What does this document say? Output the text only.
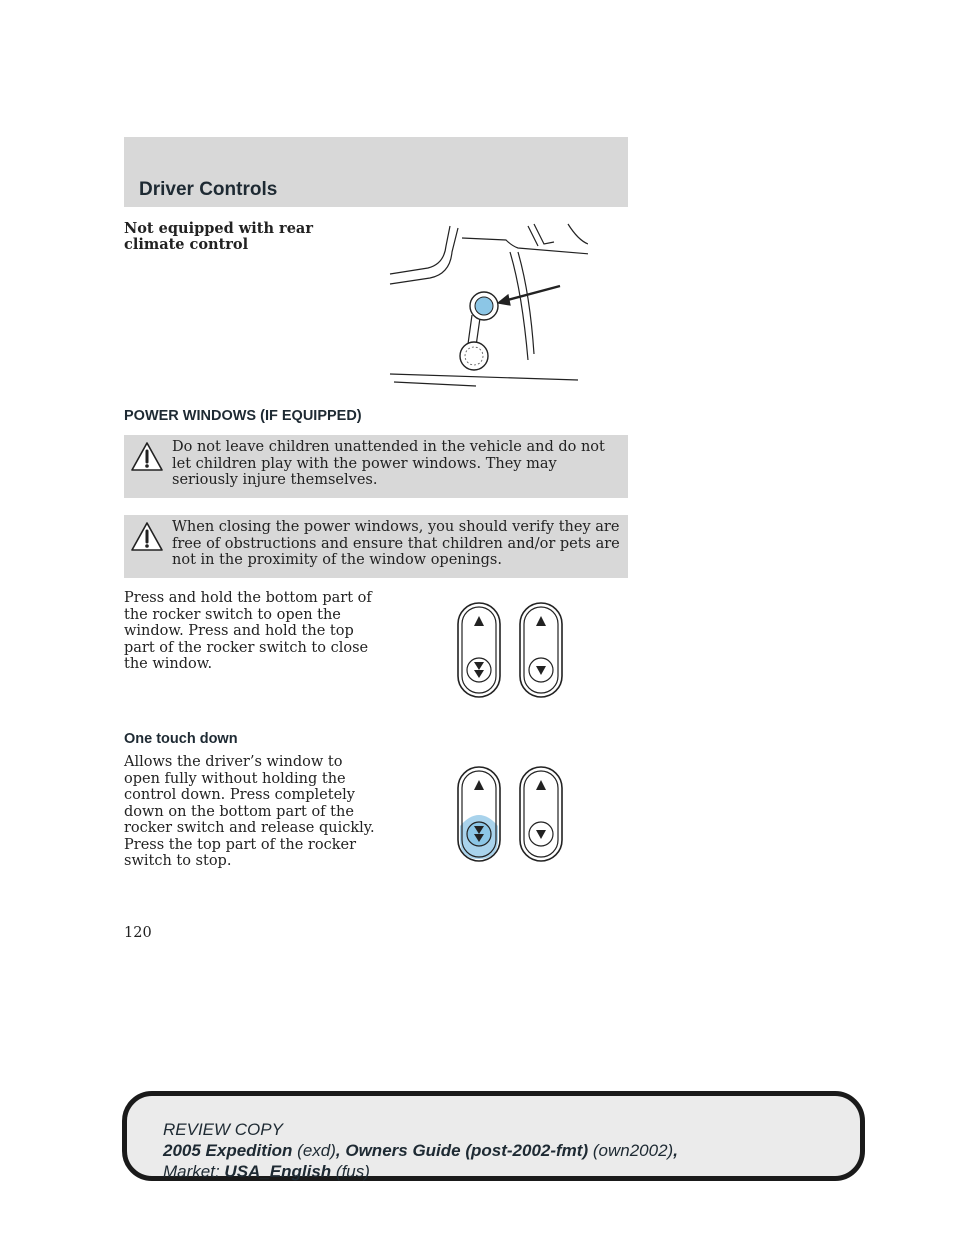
Driver Controls
Not equipped with rear climate control
POWER WINDOWS (IF EQUIPPED)
Do not leave children unattended in the vehicle and do not let children play with the power windows. They may seriously injure themselves.
When closing the power windows, you should verify they are free of obstructions and ensure that children and/or pets are not in the proximity of the window openings.
Press and hold the bottom part of the rocker switch to open the window. Press and hold the top part of the rocker switch to close the window.
One touch down
Allows the driver’s window to open fully without holding the control down. Press completely down on the bottom part of the rocker switch and release quickly. Press the top part of the rocker switch to stop.
120
REVIEW COPY
2005 Expedition (exd), Owners Guide (post-2002-fmt) (own2002),
Market: USA_English (fus)
